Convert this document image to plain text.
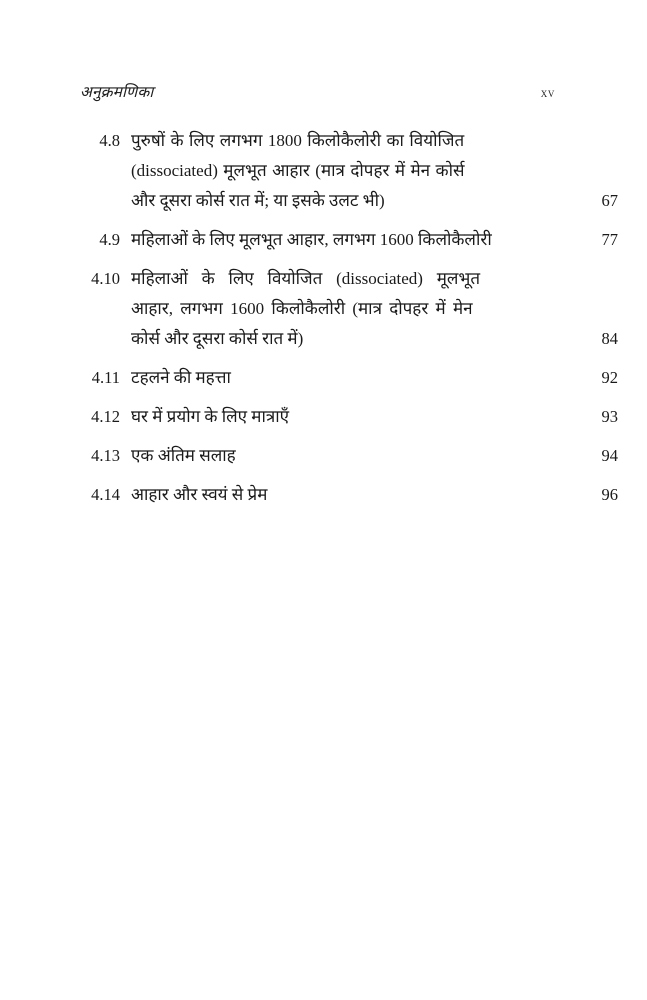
अनुक्रमणिका	xv
4.8 पुरुषों के लिए लगभग 1800 किलोकैलोरी का वियोजित
(dissociated) मूलभूत आहार (मात्र दोपहर में मेन कोर्स
और दूसरा कोर्स रात में; या इसके उलट भी)	67
4.9 महिलाओं के लिए मूलभूत आहार, लगभग 1600 किलोकैलोरी	77
4.10 महिलाओं के लिए वियोजित (dissociated) मूलभूत
आहार, लगभग 1600 किलोकैलोरी (मात्र दोपहर में मेन
कोर्स और दूसरा कोर्स रात में)	84
4.11 टहलने की महत्ता	92
4.12 घर में प्रयोग के लिए मात्राएँ	93
4.13 एक अंतिम सलाह	94
4.14 आहार और स्वयं से प्रेम	96
